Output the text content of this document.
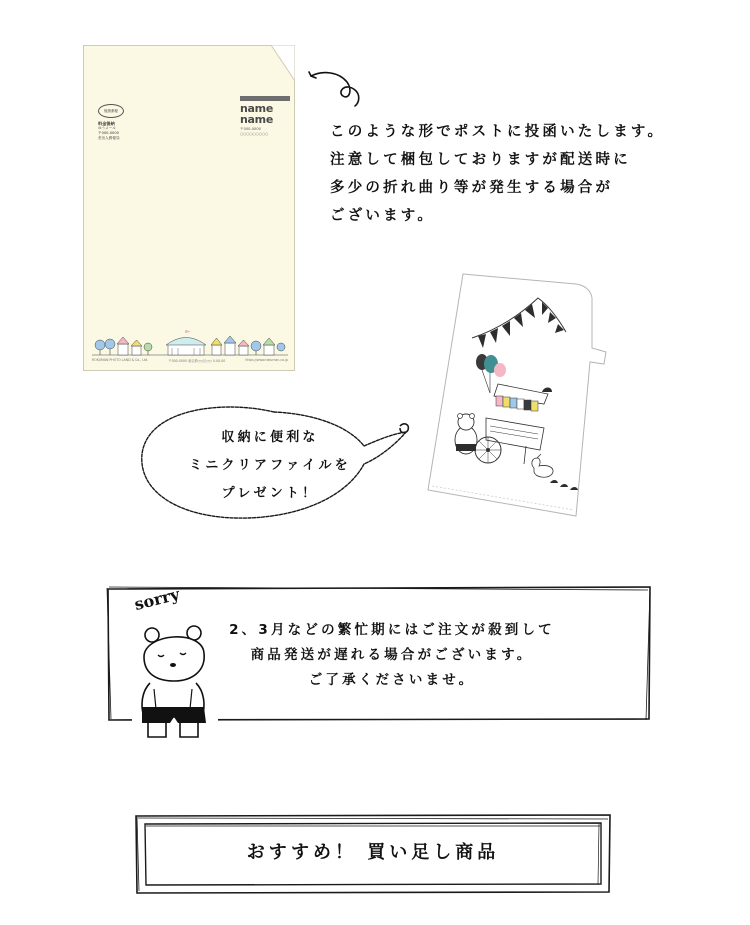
後納郵便
料金後納
ゆうメール
〒000-0000
差出人郵便局
name
name
〒000-0000 ○○○○○○○○○
ROKUMAN PHOTO LAND & Co., Ltd.	〒000-0000 東京都○○区○○ 0-00-00	https://www.rokuman.co.jp
このような形でポストに投函いたします。
注意して梱包しておりますが配送時に
多少の折れ曲り等が発生する場合が
ございます。
収納に便利な
ミニクリアファイルを
プレゼント！
sorry
2、3月などの繁忙期にはご注文が殺到して
商品発送が遅れる場合がございます。
ご了承くださいませ。
おすすめ！ 買い足し商品
